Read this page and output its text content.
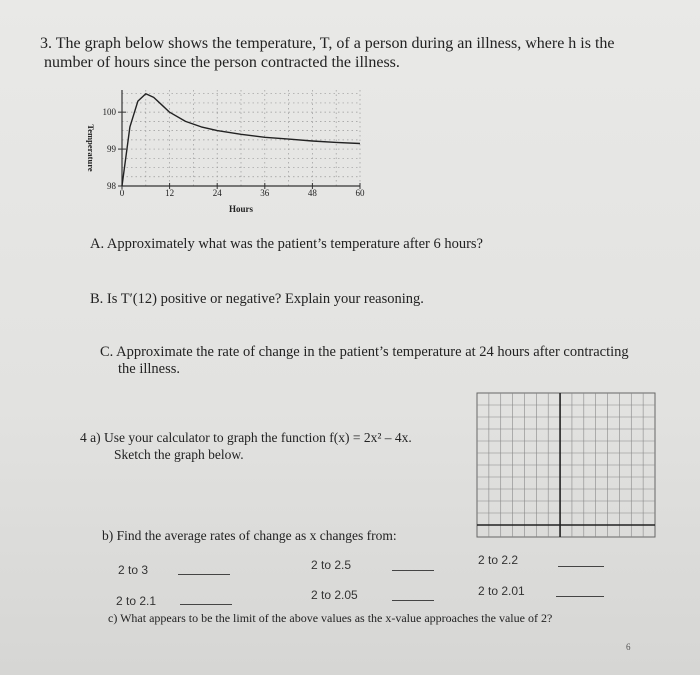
3. The graph below shows the temperature, T, of a person during an illness, where h is the
number of hours since the person contracted the illness.
0	12	24	36	48	60
98
99
100
Hours
Temperature
A. Approximately what was the patient’s temperature after 6 hours?
B. Is T′(12) positive or negative? Explain your reasoning.
C. Approximate the rate of change in the patient’s temperature at 24 hours after contracting
the illness.
4 a) Use your calculator to graph the function f(x) = 2x² – 4x.
Sketch the graph below.
b) Find the average rates of change as x changes from:
2 to 3	2 to 2.5	2 to 2.2
2 to 2.1	2 to 2.05	2 to 2.01
c) What appears to be the limit of the above values as the x-value approaches the value of 2?
6
